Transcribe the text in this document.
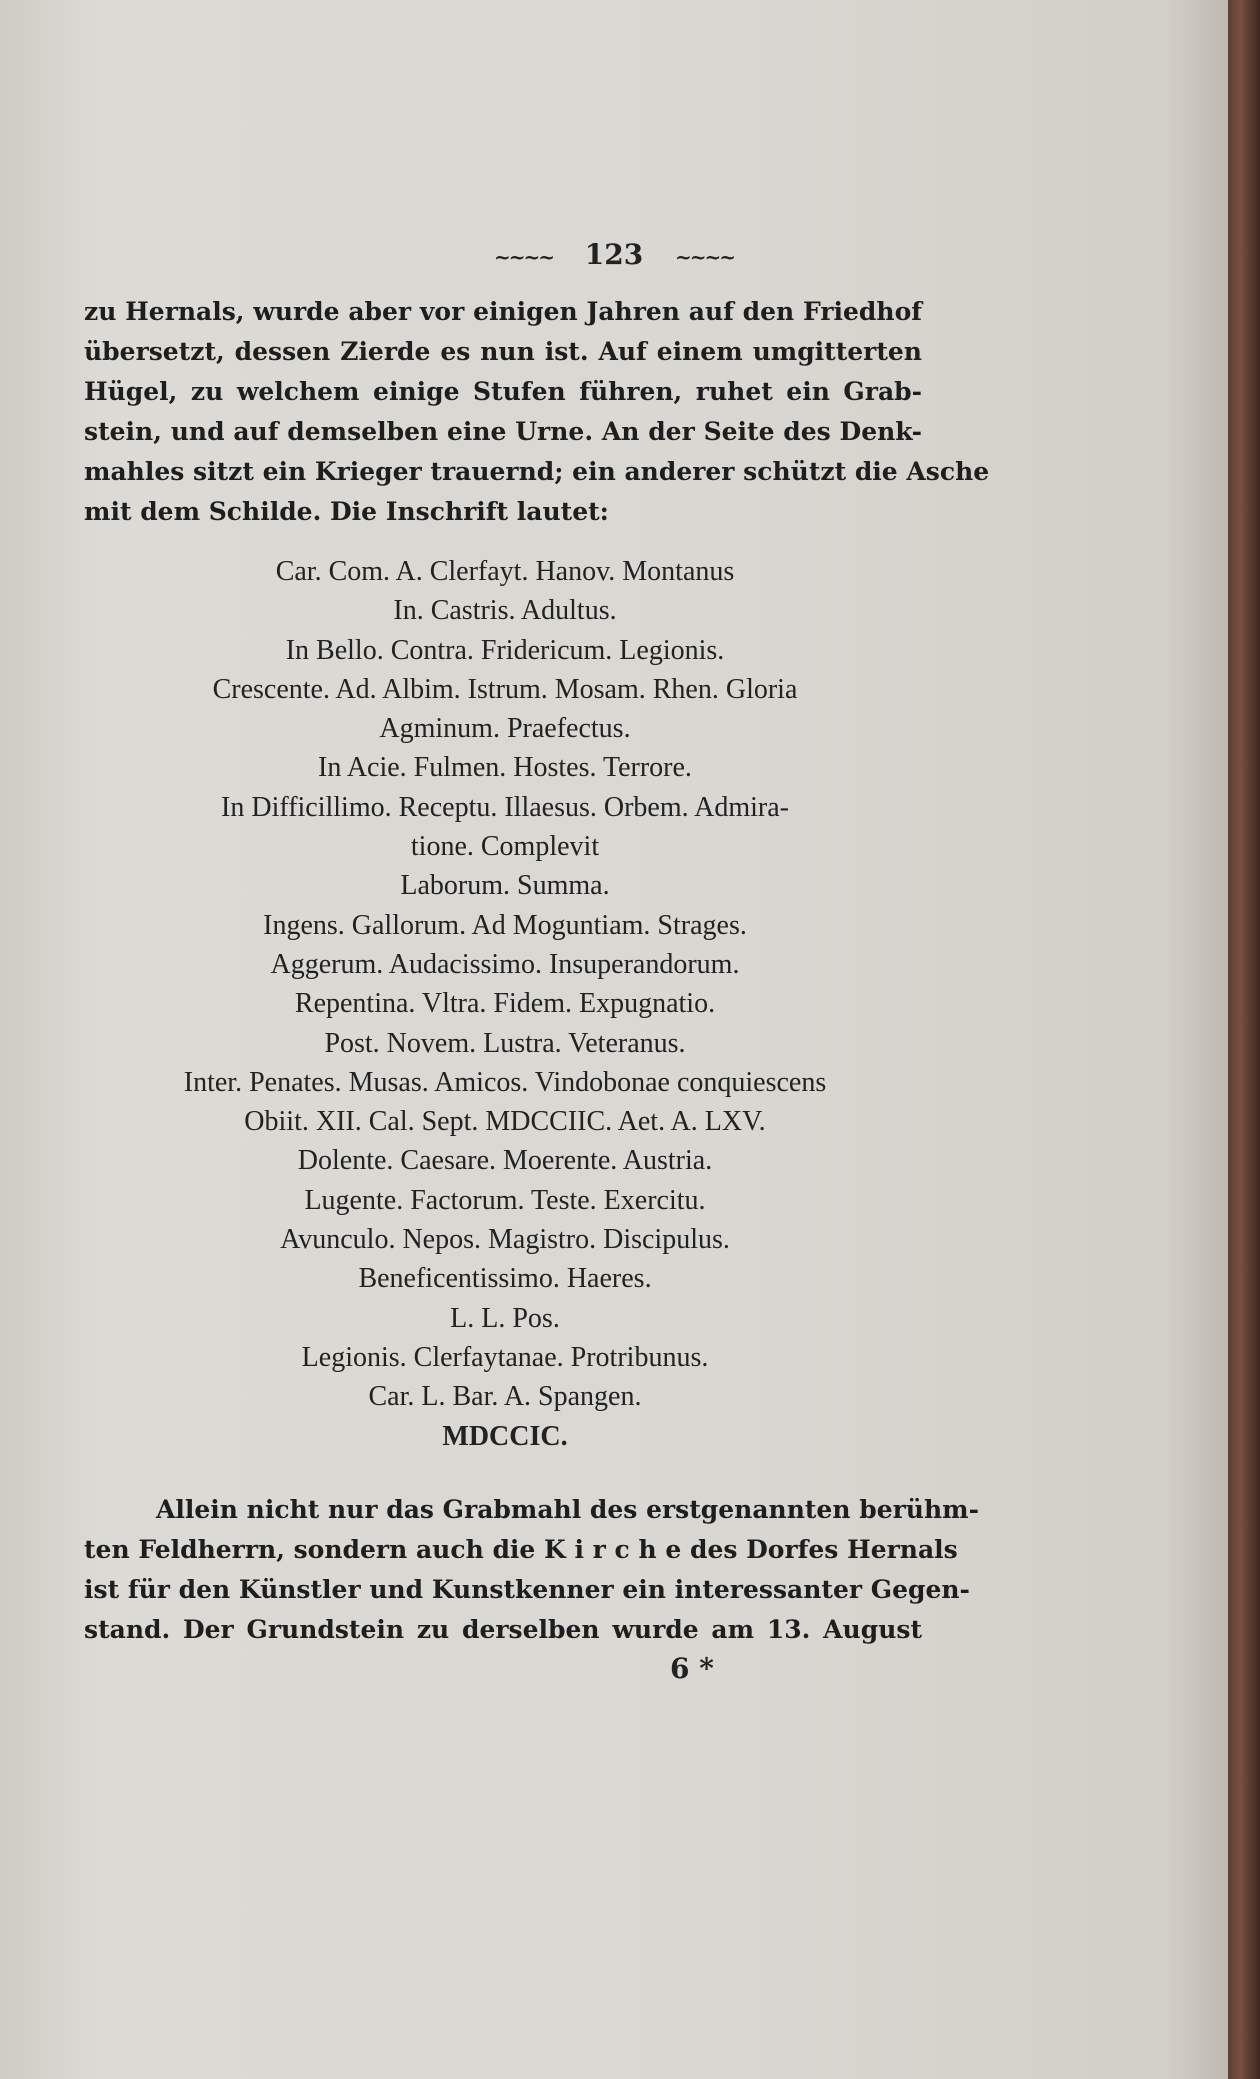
~~~~ 123 ~~~~
zu Hernals, wurde aber vor einigen Jahren auf den Friedhof
übersetzt, dessen Zierde es nun ist. Auf einem umgitterten
Hügel, zu welchem einige Stufen führen, ruhet ein Grab-
stein, und auf demselben eine Urne. An der Seite des Denk-
mahles sitzt ein Krieger trauernd; ein anderer schützt die Asche
mit dem Schilde. Die Inschrift lautet:
Car. Com. A. Clerfayt. Hanov. Montanus
In. Castris. Adultus.
In Bello. Contra. Fridericum. Legionis.
Crescente. Ad. Albim. Istrum. Mosam. Rhen. Gloria
Agminum. Praefectus.
In Acie. Fulmen. Hostes. Terrore.
In Difficillimo. Receptu. Illaesus. Orbem. Admira-
tione. Complevit
Laborum. Summa.
Ingens. Gallorum. Ad Moguntiam. Strages.
Aggerum. Audacissimo. Insuperandorum.
Repentina. Vltra. Fidem. Expugnatio.
Post. Novem. Lustra. Veteranus.
Inter. Penates. Musas. Amicos. Vindobonae conquiescens
Obiit. XII. Cal. Sept. MDCCIIC. Aet. A. LXV.
Dolente. Caesare. Moerente. Austria.
Lugente. Factorum. Teste. Exercitu.
Avunculo. Nepos. Magistro. Discipulus.
Beneficentissimo. Haeres.
L. L. Pos.
Legionis. Clerfaytanae. Protribunus.
Car. L. Bar. A. Spangen.
MDCCIC.
Allein nicht nur das Grabmahl des erstgenannten berühm-
ten Feldherrn, sondern auch die K i r c h e des Dorfes Hernals
ist für den Künstler und Kunstkenner ein interessanter Gegen-
stand. Der Grundstein zu derselben wurde am 13. August
6 *
